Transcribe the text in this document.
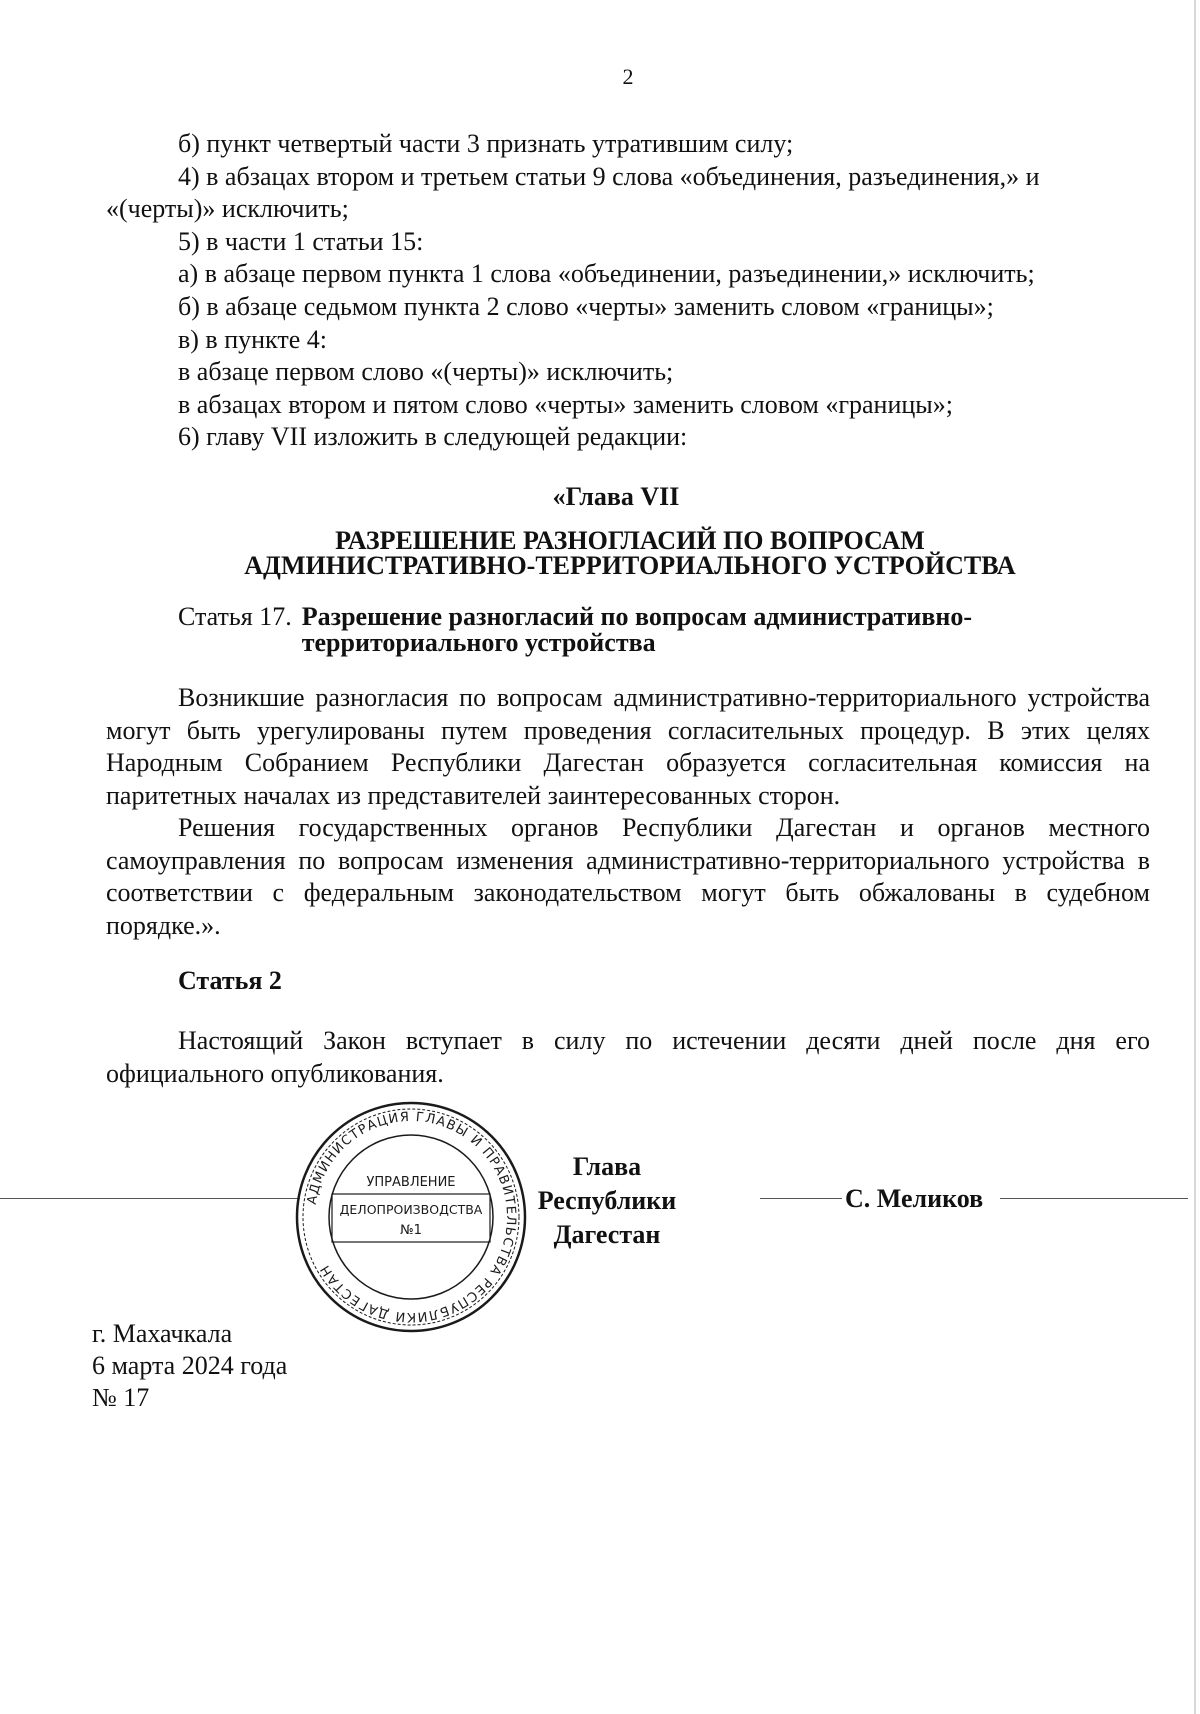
2
б) пункт четвертый части 3 признать утратившим силу;
4) в абзацах втором и третьем статьи 9 слова «объединения, разъединения,» и
«(черты)» исключить;
5) в части 1 статьи 15:
а) в абзаце первом пункта 1 слова «объединении, разъединении,» исключить;
б) в абзаце седьмом пункта 2 слово «черты» заменить словом «границы»;
в) в пункте 4:
в абзаце первом слово «(черты)» исключить;
в абзацах втором и пятом слово «черты» заменить словом «границы»;
6) главу VII изложить в следующей редакции:
«Глава VII
РАЗРЕШЕНИЕ РАЗНОГЛАСИЙ ПО ВОПРОСАМ
АДМИНИСТРАТИВНО-ТЕРРИТОРИАЛЬНОГО УСТРОЙСТВА
Статья 17. Разрешение разногласий по вопросам административно-территориального устройства

Возникшие разногласия по вопросам административно-территориального устройства могут быть урегулированы путем проведения согласительных процедур. В этих целях Народным Собранием Республики Дагестан образуется согласительная комиссия на паритетных началах из представителей заинтересованных сторон.

Решения государственных органов Республики Дагестан и органов местного самоуправления по вопросам изменения административно-территориального устройства в соответствии с федеральным законодательством могут быть обжалованы в судебном порядке.».

Статья 2

Настоящий Закон вступает в силу по истечении десяти дней после дня его официального опубликования.

АДМИНИСТРАЦИЯ ГЛАВЫ И ПРАВИТЕЛЬСТВА РЕСПУБЛИКИ ДАГЕСТАН
УПРАВЛЕНИЕ
ДЕЛОПРОИЗВОДСТВА
№1
Глава
Республики Дагестан
С. Меликов
г. Махачкала
6 марта 2024 года
№ 17
